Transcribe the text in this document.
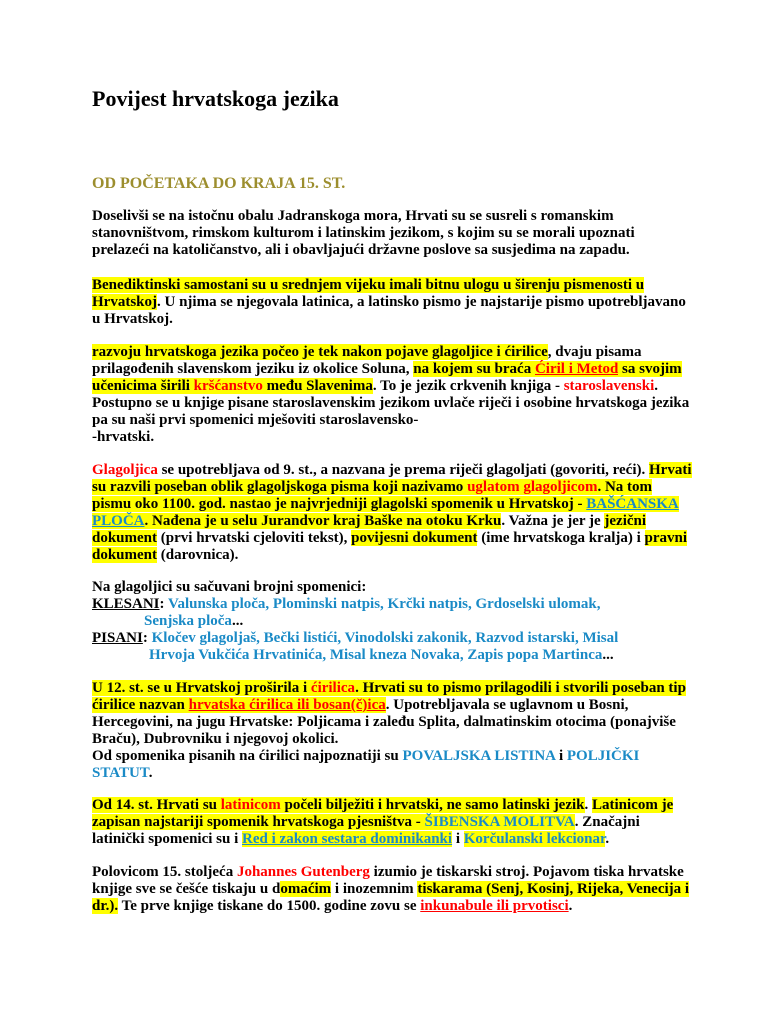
Povijest hrvatskoga jezika
OD POČETAKA DO KRAJA 15. ST.

Doselivši se na istočnu obalu Jadranskoga mora, Hrvati su se susreli s romanskim stanovništvom, rimskom kulturom i latinskim jezikom, s kojim su se morali upoznati prelazeći na katoličanstvo, ali i obavljajući državne poslove sa susjedima na zapadu.

Benediktinski samostani su u srednjem vijeku imali bitnu ulogu u širenju pismenosti u Hrvatskoj. U njima se njegovala latinica, a latinsko pismo je najstarije pismo upotrebljavano u Hrvatskoj.

razvoju hrvatskoga jezika počeo je tek nakon pojave glagoljice i ćirilice, dvaju pisama prilagođenih slavenskom jeziku iz okolice Soluna, na kojem su braća Ćiril i Metod sa svojim učenicima širili kršćanstvo među Slavenima. To je jezik crkvenih knjiga - staroslavenski. Postupno se u knjige pisane staroslavenskim jezikom uvlače riječi i osobine hrvatskoga jezika pa su naši prvi spomenici mješoviti staroslavensko-
-hrvatski.

Glagoljica se upotrebljava od 9. st., a nazvana je prema riječi glagoljati (govoriti, reći). Hrvati su razvili poseban oblik glagoljskoga pisma koji nazivamo uglatom glagoljicom. Na tom pismu oko 1100. god. nastao je najvrjedniji glagolski spomenik u Hrvatskoj - BAŠĆANSKA PLOČA. Nađena je u selu Jurandvor kraj Baške na otoku Krku. Važna je jer je jezični dokument (prvi hrvatski cjeloviti tekst), povijesni dokument (ime hrvatskoga kralja) i pravni dokument (darovnica).

Na glagoljici su sačuvani brojni spomenici:
KLESANI: Valunska ploča, Plominski natpis, Krčki natpis, Grdoselski ulomak,
Senjska ploča...
PISANI: Kločev glagoljaš, Bečki listići, Vinodolski zakonik, Razvod istarski, Misal
Hrvoja Vukčića Hrvatinića, Misal kneza Novaka, Zapis popa Martinca...

U 12. st. se u Hrvatskoj proširila i ćirilica. Hrvati su to pismo prilagodili i stvorili poseban tip ćirilice nazvan hrvatska ćirilica ili bosan(č)ica. Upotrebljavala se uglavnom u Bosni, Hercegovini, na jugu Hrvatske: Poljicama i zaleđu Splita, dalmatinskim otocima (ponajviše Braču), Dubrovniku i njegovoj okolici.
Od spomenika pisanih na ćirilici najpoznatiji su POVALJSKA LISTINA i POLJIČKI STATUT.

Od 14. st. Hrvati su latinicom počeli bilježiti i hrvatski, ne samo latinski jezik. Latinicom je zapisan najstariji spomenik hrvatskoga pjesništva - ŠIBENSKA MOLITVA. Značajni latinički spomenici su i Red i zakon sestara dominikanki i Korčulanski lekcionar.

Polovicom 15. stoljeća Johannes Gutenberg izumio je tiskarski stroj. Pojavom tiska hrvatske knjige sve se češće tiskaju u domaćim i inozemnim tiskarama (Senj, Kosinj, Rijeka, Venecija i dr.). Te prve knjige tiskane do 1500. godine zovu se inkunabule ili prvotisci.
